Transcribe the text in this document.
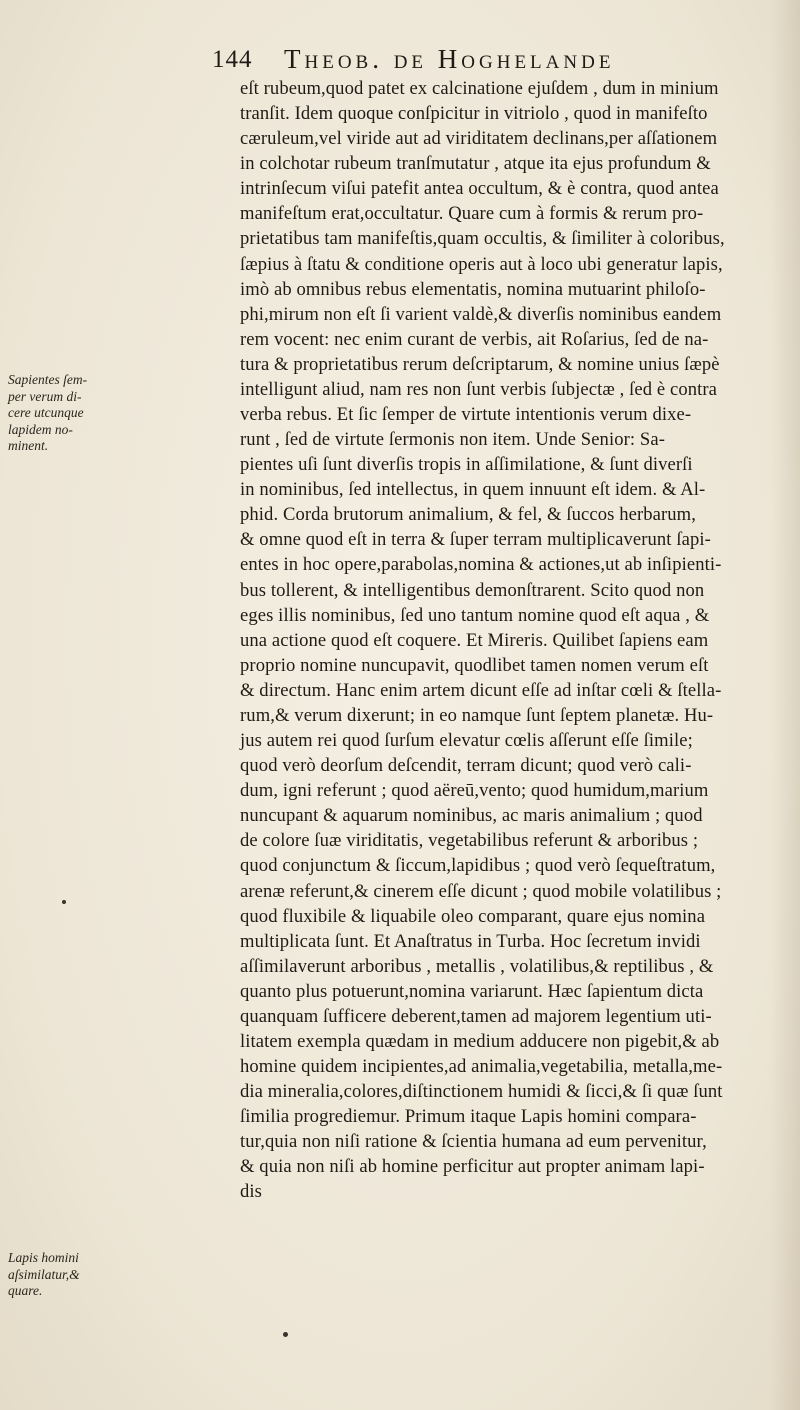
144 Theob. de Hoghelande
eſt rubeum,quod patet ex calcinatione ejuſdem , dum in minium
tranſit. Idem quoque conſpicitur in vitriolo , quod in manifeſto
cæruleum,vel viride aut ad viriditatem declinans,per aſſationem
in colchotar rubeum tranſmutatur , atque ita ejus profundum &
intrinſecum viſui patefit antea occultum, & è contra, quod antea
manifeſtum erat,occultatur. Quare cum à formis & rerum pro-
prietatibus tam manifeſtis,quam occultis, & ſimiliter à coloribus,
ſæpius à ſtatu & conditione operis aut à loco ubi generatur lapis,
imò ab omnibus rebus elementatis, nomina mutuarint philoſo-
phi,mirum non eſt ſi varient valdè,& diverſis nominibus eandem
rem vocent: nec enim curant de verbis, ait Roſarius, ſed de na-
tura & proprietatibus rerum deſcriptarum, & nomine unius ſæpè
intelligunt aliud, nam res non ſunt verbis ſubjectæ , ſed è contra
verba rebus. Et ſic ſemper de virtute intentionis verum dixe-
runt , ſed de virtute ſermonis non item. Unde Senior: Sa-
pientes uſi ſunt diverſis tropis in aſſimilatione, & ſunt diverſi
in nominibus, ſed intellectus, in quem innuunt eſt idem. & Al-
phid. Corda brutorum animalium, & fel, & ſuccos herbarum,
& omne quod eſt in terra & ſuper terram multiplicaverunt ſapi-
entes in hoc opere,parabolas,nomina & actiones,ut ab inſipienti-
bus tollerent, & intelligentibus demonſtrarent. Scito quod non
eges illis nominibus, ſed uno tantum nomine quod eſt aqua , &
una actione quod eſt coquere. Et Mireris. Quilibet ſapiens eam
proprio nomine nuncupavit, quodlibet tamen nomen verum eſt
& directum. Hanc enim artem dicunt eſſe ad inſtar cœli & ſtella-
rum,& verum dixerunt; in eo namque ſunt ſeptem planetæ. Hu-
jus autem rei quod ſurſum elevatur cœlis aſſerunt eſſe ſimile;
quod verò deorſum deſcendit, terram dicunt; quod verò cali-
dum, igni referunt ; quod aëreū,vento; quod humidum,marium
nuncupant & aquarum nominibus, ac maris animalium ; quod
de colore ſuæ viriditatis, vegetabilibus referunt & arboribus ;
quod conjunctum & ſiccum,lapidibus ; quod verò ſequeſtratum,
arenæ referunt,& cinerem eſſe dicunt ; quod mobile volatilibus ;
quod fluxibile & liquabile oleo comparant, quare ejus nomina
multiplicata ſunt. Et Anaſtratus in Turba. Hoc ſecretum invidi
aſſimilaverunt arboribus , metallis , volatilibus,& reptilibus , &
quanto plus potuerunt,nomina variarunt. Hæc ſapientum dicta
quanquam ſufficere deberent,tamen ad majorem legentium uti-
litatem exempla quædam in medium adducere non pigebit,& ab
homine quidem incipientes,ad animalia,vegetabilia, metalla,me-
dia mineralia,colores,diſtinctionem humidi & ſicci,& ſi quæ ſunt
ſimilia progrediemur. Primum itaque Lapis homini compara-
tur,quia non niſi ratione & ſcientia humana ad eum pervenitur,
& quia non niſi ab homine perficitur aut propter animam lapi-
dis
Sapientes ſem-
per verum di-
cere utcunque
lapidem no-
minent.
Lapis homini
aſsimilatur,&
quare.
